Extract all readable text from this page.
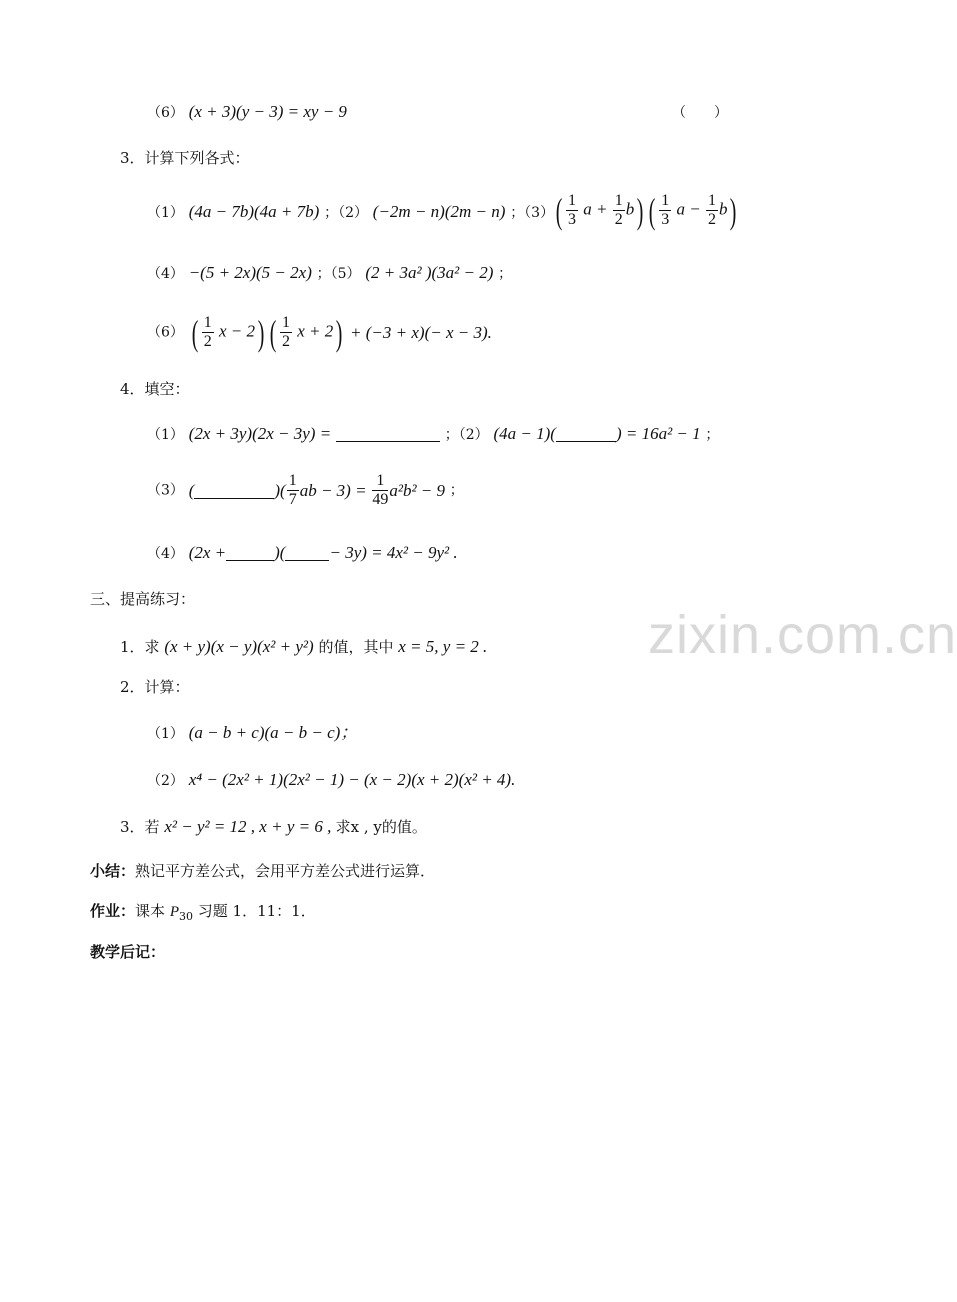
（6） (x + 3)(y − 3) = xy − 9	（　　）
3．计算下列各式：
（1） (4a − 7b)(4a + 7b) ；（2） (−2m − n)(2m − n) ；（3） ( $\frac{1}{3}$ $a + \frac{1}{2} b$) ( $\frac{1}{3}$ $a - \frac{1}{2} b$)
（4） −(5 + 2x)(5 − 2x) ；（5） (2 + 3a² )(3a² − 2) ；
（6） ( $\frac{1}{2}$ x − 2) ( $\frac{1}{2}$ x + 2) + (−3 + x)(− x − 3).
4．填空：
（1） (2x + 3y)(2x − 3y) =	；（2） (4a − 1)(	) = 16a² − 1 ；
（3） (	)( $\frac{1}{7}$ ab − $3) = \frac{1}{49} a^2b^2 - 9$ ；
（4） (2x +	)(	− 3y) = 4x² − 9y² .
三、提高练习：
1．求 (x + y)(x − y)(x² + y²) 的值，其中 x = 5, y = 2 .
2．计算：
（1） (a − b + c)(a − b − c)；
（2） x⁴ − (2x² + 1)(2x² − 1) − (x − 2)(x + 2)(x² + 4).
3．若 x² − y² = 12 , x + y = 6 , 求x , y的值。
小结：熟记平方差公式，会用平方差公式进行运算．
作业：课本 $P_{30}$ 习题 1．11：1．
教学后记：
zixin.com.cn
